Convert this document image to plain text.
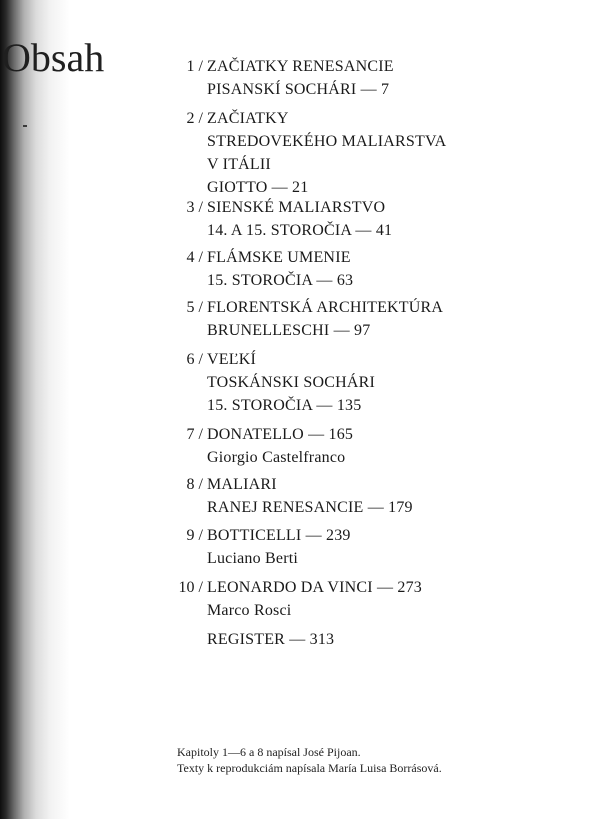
Obsah	1 / ZAČIATKY RENESANCIE
PISANSKÍ SOCHÁRI — 7
2 / ZAČIATKY
STREDOVEKÉHO MALIARSTVA
V ITÁLII
GIOTTO — 21
3 / SIENSKÉ MALIARSTVO
14. A 15. STOROČIA — 41
4 / FLÁMSKE UMENIE
15. STOROČIA — 63
5 / FLORENTSKÁ ARCHITEKTÚRA
BRUNELLESCHI — 97
6 / VEĽKÍ
TOSKÁNSKI SOCHÁRI
15. STOROČIA — 135
7 / DONATELLO — 165
Giorgio Castelfranco
8 / MALIARI
RANEJ RENESANCIE — 179
9 / BOTTICELLI — 239
Luciano Berti
10 / LEONARDO DA VINCI — 273
Marco Rosci
REGISTER — 313
Kapitoly 1—6 a 8 napísal José Pijoan.
Texty k reprodukciám napísala María Luisa Borrásová.
